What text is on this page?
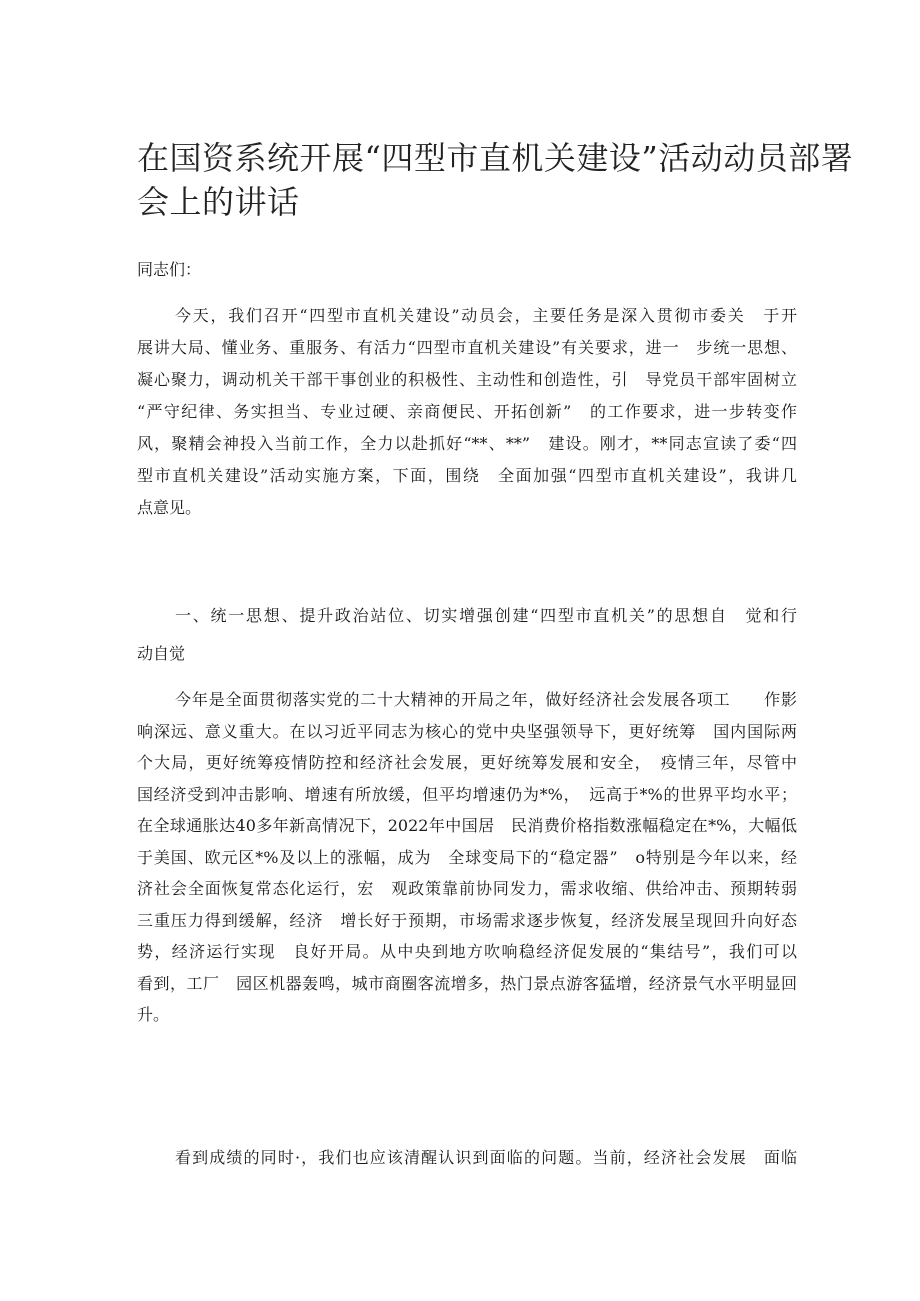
在国资系统开展“四型市直机关建设”活动动员部署
会上的讲话

同志们：

今天，我们召开“四型市直机关建设”动员会，主要任务是深入贯彻市委关　于开
展讲大局、懂业务、重服务、有活力“四型市直机关建设”有关要求，进一　步统一思想、
凝心聚力，调动机关干部干事创业的积极性、主动性和创造性，引　导党员干部牢固树立
“严守纪律、务实担当、专业过硬、亲商便民、开拓创新”　的工作要求，进一步转变作
风，聚精会神投入当前工作，全力以赴抓好“**、**”　建设。刚才，**同志宣读了委“四
型市直机关建设”活动实施方案，下面，围绕　全面加强“四型市直机关建设”，我讲几
点意见。
一、统一思想、提升政治站位、切实增强创建“四型市直机关”的思想自　觉和行
动自觉
今年是全面贯彻落实党的二十大精神的开局之年，做好经济社会发展各项工　　作影
响深远、意义重大。在以习近平同志为核心的党中央坚强领导下，更好统筹　国内国际两
个大局，更好统筹疫情防控和经济社会发展，更好统筹发展和安全，　疫情三年，尽管中
国经济受到冲击影响、增速有所放缓，但平均增速仍为*%，　远高于*%的世界平均水平；
在全球通胀达40多年新高情况下，2022年中国居　民消费价格指数涨幅稳定在*%，大幅低
于美国、欧元区*%及以上的涨幅，成为　全球变局下的“稳定器”　o特别是今年以来，经
济社会全面恢复常态化运行，宏　观政策靠前协同发力，需求收缩、供给冲击、预期转弱
三重压力得到缓解，经济　增长好于预期，市场需求逐步恢复，经济发展呈现回升向好态
势，经济运行实现　良好开局。从中央到地方吹响稳经济促发展的“集结号”，我们可以
看到，工厂　园区机器轰鸣，城市商圈客流增多，热门景点游客猛增，经济景气水平明显回
升。
看到成绩的同时·，我们也应该清醒认识到面临的问题。当前，经济社会发展　面临
